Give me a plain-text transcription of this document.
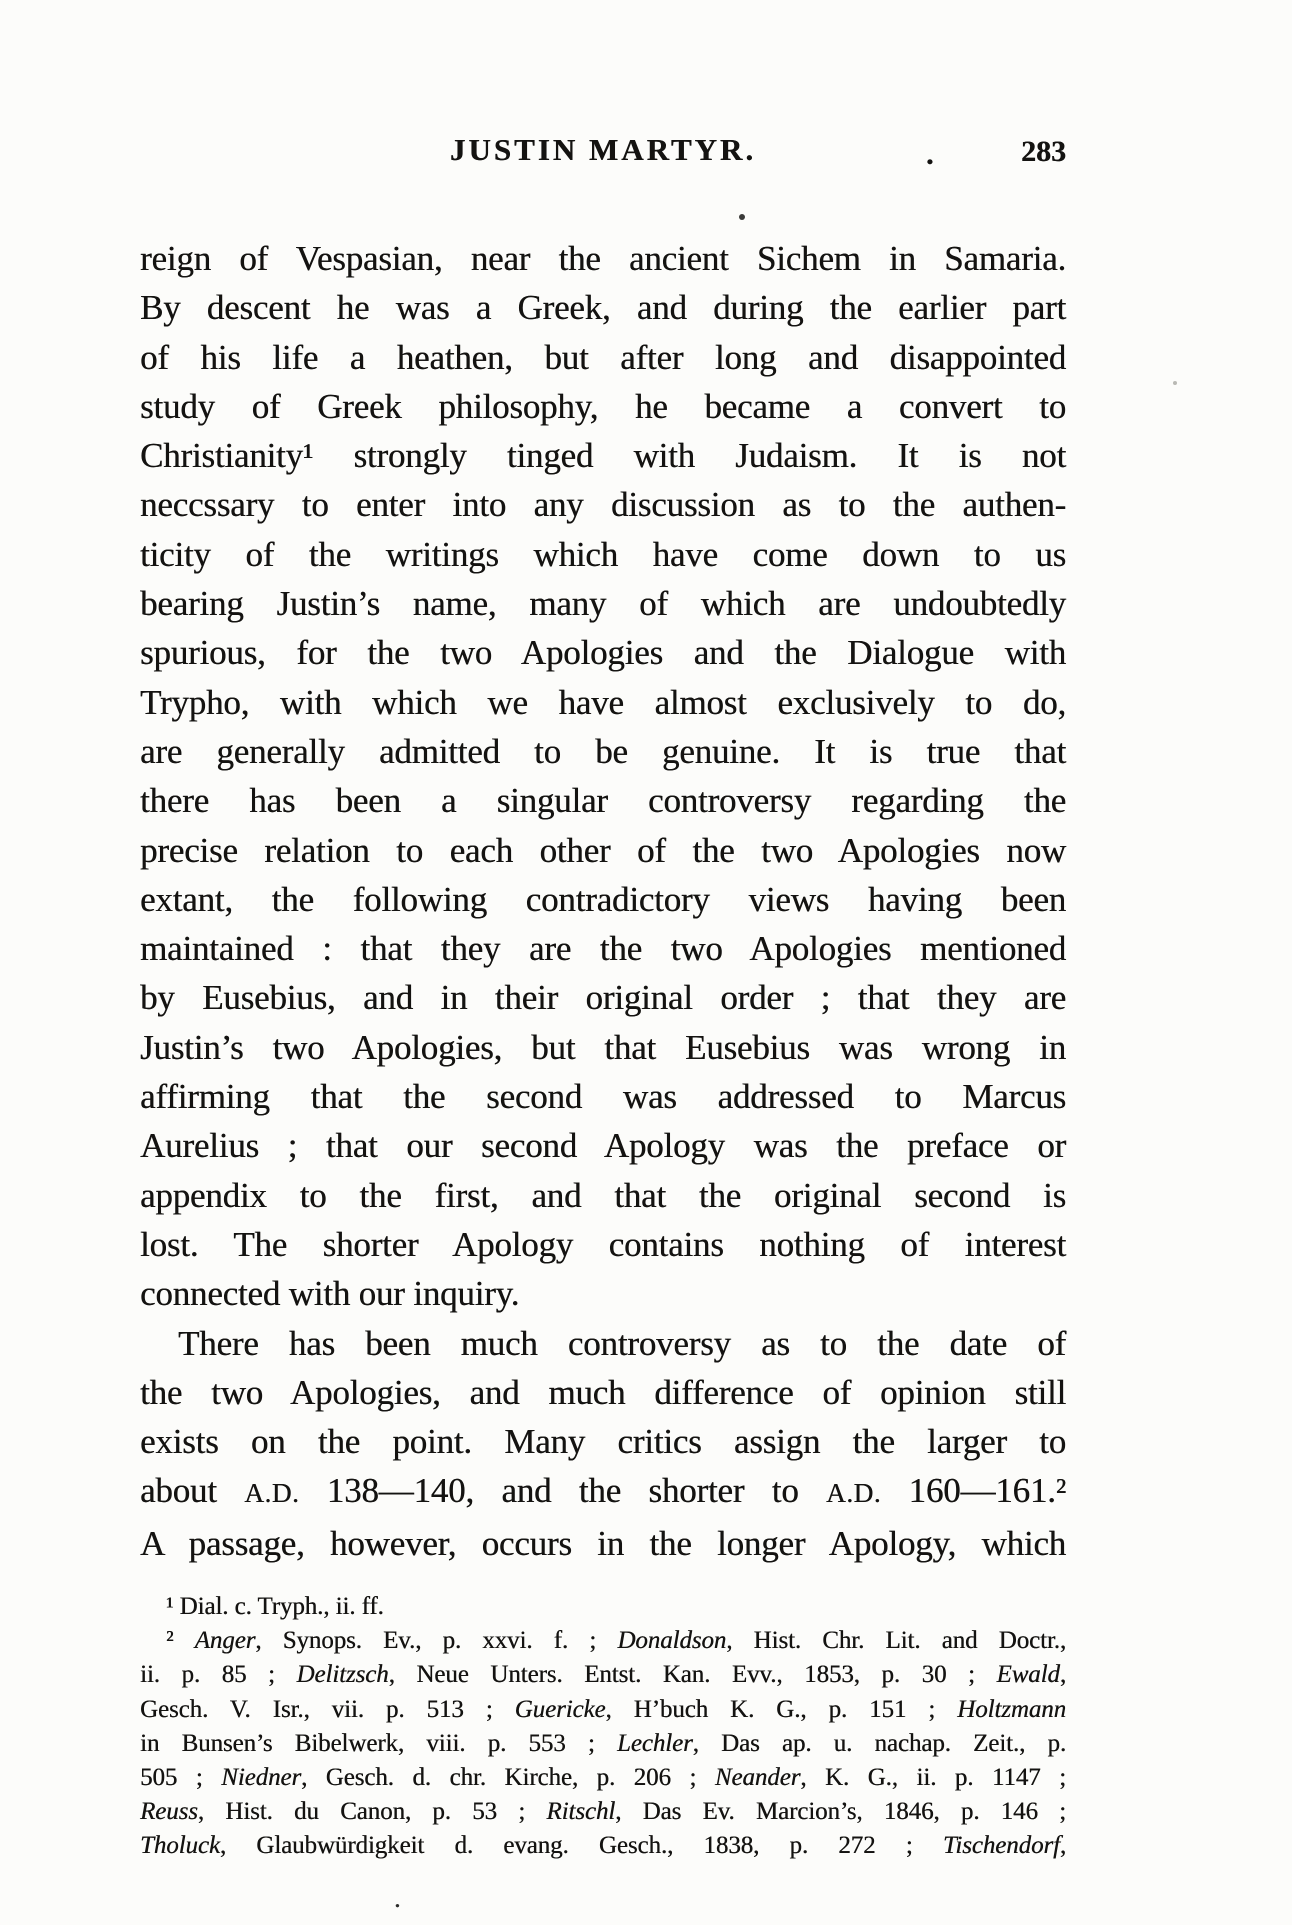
JUSTIN MARTYR.	.	283
reign of Vespasian, near the ancient Sichem in Samaria.
By descent he was a Greek, and during the earlier part
of his life a heathen, but after long and disappointed
study of Greek philosophy, he became a convert to
Christianity¹ strongly tinged with Judaism. It is not
neccssary to enter into any discussion as to the authen-
ticity of the writings which have come down to us
bearing Justin’s name, many of which are undoubtedly
spurious, for the two Apologies and the Dialogue with
Trypho, with which we have almost exclusively to do,
are generally admitted to be genuine. It is true that
there has been a singular controversy regarding the
precise relation to each other of the two Apologies now
extant, the following contradictory views having been
maintained : that they are the two Apologies mentioned
by Eusebius, and in their original order ; that they are
Justin’s two Apologies, but that Eusebius was wrong in
affirming that the second was addressed to Marcus
Aurelius ; that our second Apology was the preface or
appendix to the first, and that the original second is
lost. The shorter Apology contains nothing of interest
connected with our inquiry.
There has been much controversy as to the date of
the two Apologies, and much difference of opinion still
exists on the point. Many critics assign the larger to
about A.D. 138—140, and the shorter to A.D. 160—161.²
A passage, however, occurs in the longer Apology, which
¹ Dial. c. Tryph., ii. ff.
² Anger, Synops. Ev., p. xxvi. f. ; Donaldson, Hist. Chr. Lit. and Doctr.,
ii. p. 85 ; Delitzsch, Neue Unters. Entst. Kan. Evv., 1853, p. 30 ; Ewald,
Gesch. V. Isr., vii. p. 513 ; Guericke, H’buch K. G., p. 151 ; Holtzmann
in Bunsen’s Bibelwerk, viii. p. 553 ; Lechler, Das ap. u. nachap. Zeit., p.
505 ; Niedner, Gesch. d. chr. Kirche, p. 206 ; Neander, K. G., ii. p. 1147 ;
Reuss, Hist. du Canon, p. 53 ; Ritschl, Das Ev. Marcion’s, 1846, p. 146 ;
Tholuck, Glaubwürdigkeit d. evang. Gesch., 1838, p. 272 ; Tischendorf,
.
